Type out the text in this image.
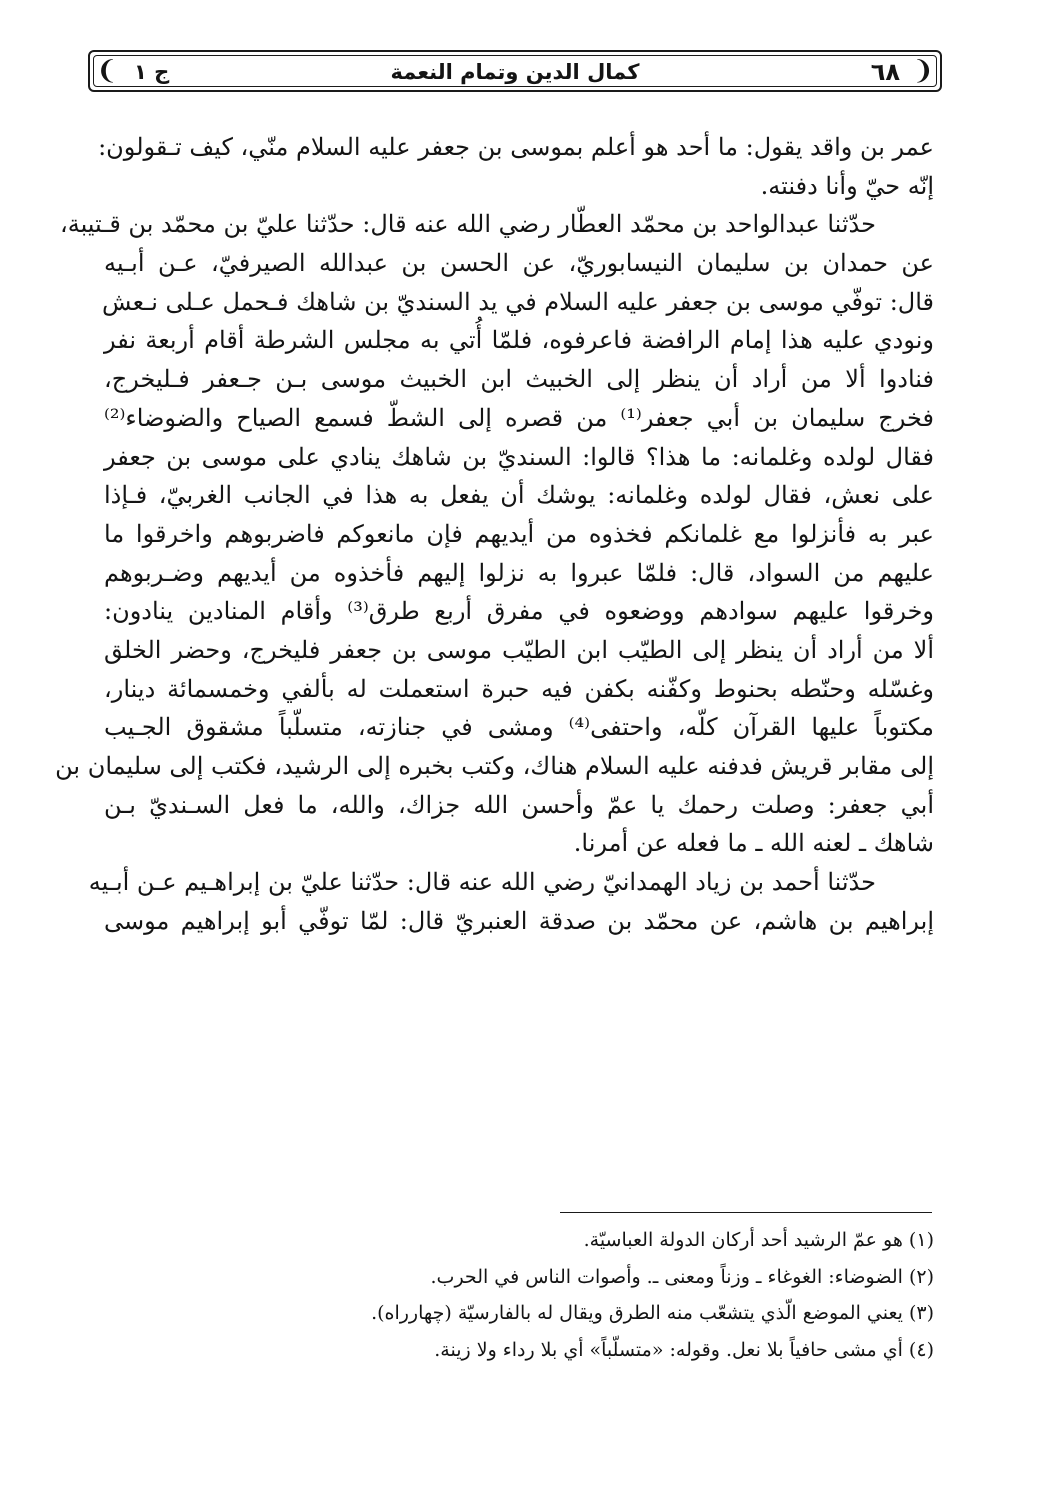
❨
٦٨
كمال الدين وتمام النعمة
ج ١
❩
عمر بن واقد يقول: ما أحد هو أعلم بموسى بن جعفر عليه السلام منّي، كيف تـقولون:
إنّه حيّ وأنا دفنته.
حدّثنا عبدالواحد بن محمّد العطّار رضي الله عنه قال: حدّثنا عليّ بن محمّد بن قـتيبة،
عن حمدان بن سليمان النيسابوريّ، عن الحسن بن عبدالله الصيرفيّ، عـن أبـيه
قال: توفّي موسى بن جعفر عليه السلام في يد السنديّ بن شاهك فـحمل عـلى نـعش
ونودي عليه هذا إمام الرافضة فاعرفوه، فلمّا أُتي به مجلس الشرطة أقام أربعة نفر
فنادوا ألا من أراد أن ينظر إلى الخبيث ابن الخبيث موسى بـن جـعفر فـليخرج،
فخرج سليمان بن أبي جعفر⁽¹⁾ من قصره إلى الشطّ فسمع الصياح والضوضاء⁽²⁾
فقال لولده وغلمانه: ما هذا؟ قالوا: السنديّ بن شاهك ينادي على موسى بن جعفر
على نعش، فقال لولده وغلمانه: يوشك أن يفعل به هذا في الجانب الغربيّ، فـإذا
عبر به فأنزلوا مع غلمانكم فخذوه من أيديهم فإن مانعوكم فاضربوهم واخرقوا ما
عليهم من السواد، قال: فلمّا عبروا به نزلوا إليهم فأخذوه من أيديهم وضـربوهم
وخرقوا عليهم سوادهم ووضعوه في مفرق أربع طرق⁽³⁾ وأقام المنادين ينادون:
ألا من أراد أن ينظر إلى الطيّب ابن الطيّب موسى بن جعفر فليخرج، وحضر الخلق
وغسّله وحنّطه بحنوط وكفّنه بكفن فيه حبرة استعملت له بألفي وخمسمائة دينار،
مكتوباً عليها القرآن كلّه، واحتفى⁽⁴⁾ ومشى في جنازته، متسلّباً مشقوق الجـيب
إلى مقابر قريش فدفنه عليه السلام هناك، وكتب بخبره إلى الرشيد، فكتب إلى سليمان بن
أبي جعفر: وصلت رحمك يا عمّ وأحسن الله جزاك، والله، ما فعل السـنديّ بـن
شاهك ـ لعنه الله ـ ما فعله عن أمرنا.
حدّثنا أحمد بن زياد الهمدانيّ رضي الله عنه قال: حدّثنا عليّ بن إبراهـيم عـن أبـيه
إبراهيم بن هاشم، عن محمّد بن صدقة العنبريّ قال: لمّا توفّي أبو إبراهيم موسى
(١) هو عمّ الرشيد أحد أركان الدولة العباسيّة.
(٢) الضوضاء: الغوغاء ـ وزناً ومعنى ـ. وأصوات الناس في الحرب.
(٣) يعني الموضع الّذي يتشعّب منه الطرق ويقال له بالفارسيّة (چهارراه).
(٤) أي مشى حافياً بلا نعل. وقوله: «متسلّباً» أي بلا رداء ولا زينة.
